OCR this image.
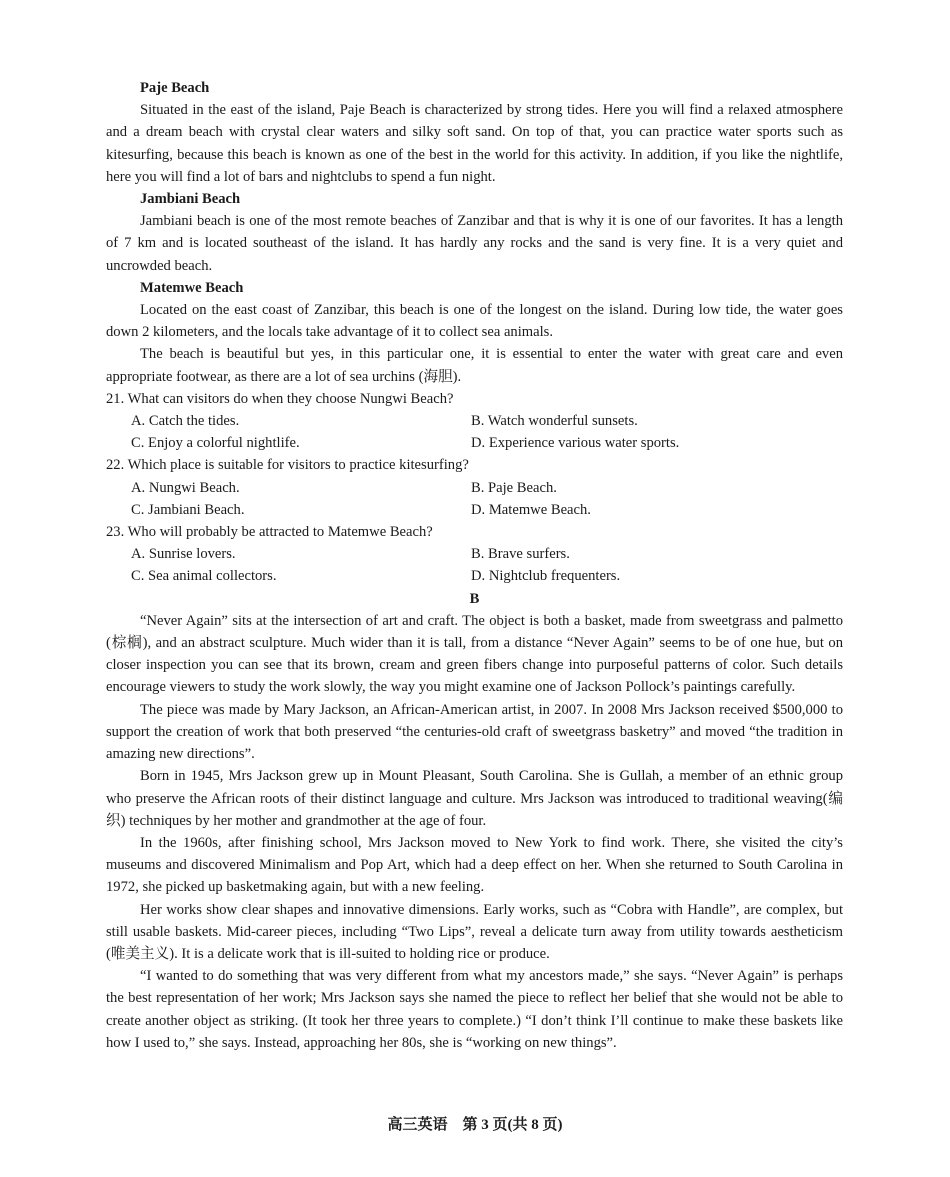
Paje Beach

Situated in the east of the island, Paje Beach is characterized by strong tides. Here you will find a relaxed atmosphere and a dream beach with crystal clear waters and silky soft sand. On top of that, you can practice water sports such as kitesurfing, because this beach is known as one of the best in the world for this activity. In addition, if you like the nightlife, here you will find a lot of bars and nightclubs to spend a fun night.

Jambiani Beach

Jambiani beach is one of the most remote beaches of Zanzibar and that is why it is one of our favorites. It has a length of 7 km and is located southeast of the island. It has hardly any rocks and the sand is very fine. It is a very quiet and uncrowded beach.

Matemwe Beach

Located on the east coast of Zanzibar, this beach is one of the longest on the island. During low tide, the water goes down 2 kilometers, and the locals take advantage of it to collect sea animals.

The beach is beautiful but yes, in this particular one, it is essential to enter the water with great care and even appropriate footwear, as there are a lot of sea urchins (海胆).

21. What can visitors do when they choose Nungwi Beach?

A. Catch the tides.	B. Watch wonderful sunsets.

C. Enjoy a colorful nightlife.	D. Experience various water sports.

22. Which place is suitable for visitors to practice kitesurfing?

A. Nungwi Beach.	B. Paje Beach.

C. Jambiani Beach.	D. Matemwe Beach.

23. Who will probably be attracted to Matemwe Beach?

A. Sunrise lovers.	B. Brave surfers.

C. Sea animal collectors.	D. Nightclub frequenters.

B

“Never Again” sits at the intersection of art and craft. The object is both a basket, made from sweetgrass and palmetto (棕榈), and an abstract sculpture. Much wider than it is tall, from a distance “Never Again” seems to be of one hue, but on closer inspection you can see that its brown, cream and green fibers change into purposeful patterns of color. Such details encourage viewers to study the work slowly, the way you might examine one of Jackson Pollock’s paintings carefully.

The piece was made by Mary Jackson, an African-American artist, in 2007. In 2008 Mrs Jackson received $500,000 to support the creation of work that both preserved “the centuries-old craft of sweetgrass basketry” and moved “the tradition in amazing new directions”.

Born in 1945, Mrs Jackson grew up in Mount Pleasant, South Carolina. She is Gullah, a member of an ethnic group who preserve the African roots of their distinct language and culture. Mrs Jackson was introduced to traditional weaving(编织) techniques by her mother and grandmother at the age of four.

In the 1960s, after finishing school, Mrs Jackson moved to New York to find work. There, she visited the city’s museums and discovered Minimalism and Pop Art, which had a deep effect on her. When she returned to South Carolina in 1972, she picked up basketmaking again, but with a new feeling.

Her works show clear shapes and innovative dimensions. Early works, such as “Cobra with Handle”, are complex, but still usable baskets. Mid-career pieces, including “Two Lips”, reveal a delicate turn away from utility towards aestheticism (唯美主义). It is a delicate work that is ill-suited to holding rice or produce.

“I wanted to do something that was very different from what my ancestors made,” she says. “Never Again” is perhaps the best representation of her work; Mrs Jackson says she named the piece to reflect her belief that she would not be able to create another object as striking. (It took her three years to complete.) “I don’t think I’ll continue to make these baskets like how I used to,” she says. Instead, approaching her 80s, she is “working on new things”.

高三英语　第 3 页(共 8 页)
